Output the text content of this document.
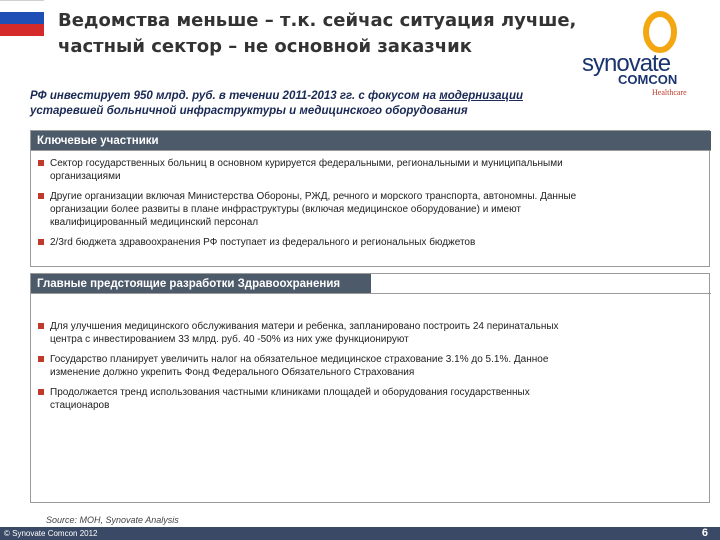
Ведомства меньше – т.к. сейчас ситуация лучше,
частный сектор – не основной заказчик
synovate
COMCON
Healthcare
РФ инвестирует 950 млрд. руб. в течении 2011-2013 гг. с фокусом на модернизации
устаревшей больничной инфраструктуры и медицинского оборудования
Ключевые участники
Сектор государственных больниц в основном курируется федеральными, региональными и муниципальными
организациями
Другие организации включая Министерства Обороны, РЖД, речного и морского транспорта, автономны. Данные
организации более развиты в плане инфраструктуры (включая медицинское оборудование) и имеют
квалифицированный медицинский персонал
2/3rd бюджета здравоохранения РФ поступает из федерального и региональных бюджетов
Главные предстоящие разработки Здравоохранения
Для улучшения медицинского обслуживания матери и ребенка, запланировано построить 24 перинатальных
центра с инвестированием 33 млрд. руб. 40 -50% из них уже функционируют
Государство планирует увеличить налог на обязательное медицинское страхование 3.1% до 5.1%. Данное
изменение должно укрепить Фонд Федерального Обязательного Страхования
Продолжается тренд использования частными клиниками площадей и оборудования государственных
стационаров
Source: MOH, Synovate Analysis
© Synovate Comcon 2012	6
